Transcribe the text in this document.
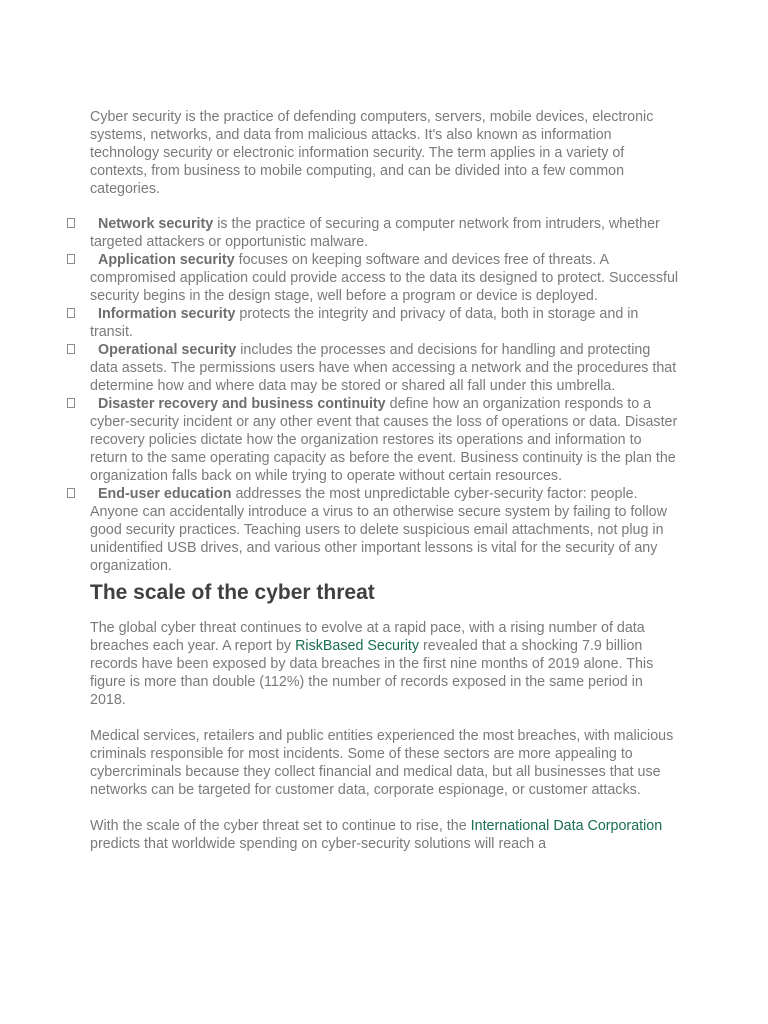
Cyber security is the practice of defending computers, servers, mobile devices, electronic systems, networks, and data from malicious attacks. It's also known as information technology security or electronic information security. The term applies in a variety of contexts, from business to mobile computing, and can be divided into a few common categories.

Network security is the practice of securing a computer network from intruders, whether targeted attackers or opportunistic malware.
Application security focuses on keeping software and devices free of threats. A compromised application could provide access to the data its designed to protect. Successful security begins in the design stage, well before a program or device is deployed.
Information security protects the integrity and privacy of data, both in storage and in transit.
Operational security includes the processes and decisions for handling and protecting data assets. The permissions users have when accessing a network and the procedures that determine how and where data may be stored or shared all fall under this umbrella.
Disaster recovery and business continuity define how an organization responds to a cyber-security incident or any other event that causes the loss of operations or data. Disaster recovery policies dictate how the organization restores its operations and information to return to the same operating capacity as before the event. Business continuity is the plan the organization falls back on while trying to operate without certain resources.
End-user education addresses the most unpredictable cyber-security factor: people. Anyone can accidentally introduce a virus to an otherwise secure system by failing to follow good security practices. Teaching users to delete suspicious email attachments, not plug in unidentified USB drives, and various other important lessons is vital for the security of any organization.
The scale of the cyber threat

The global cyber threat continues to evolve at a rapid pace, with a rising number of data breaches each year. A report by RiskBased Security revealed that a shocking 7.9 billion records have been exposed by data breaches in the first nine months of 2019 alone. This figure is more than double (112%) the number of records exposed in the same period in 2018.

Medical services, retailers and public entities experienced the most breaches, with malicious criminals responsible for most incidents. Some of these sectors are more appealing to cybercriminals because they collect financial and medical data, but all businesses that use networks can be targeted for customer data, corporate espionage, or customer attacks.

With the scale of the cyber threat set to continue to rise, the International Data Corporation predicts that worldwide spending on cyber-security solutions will reach a
